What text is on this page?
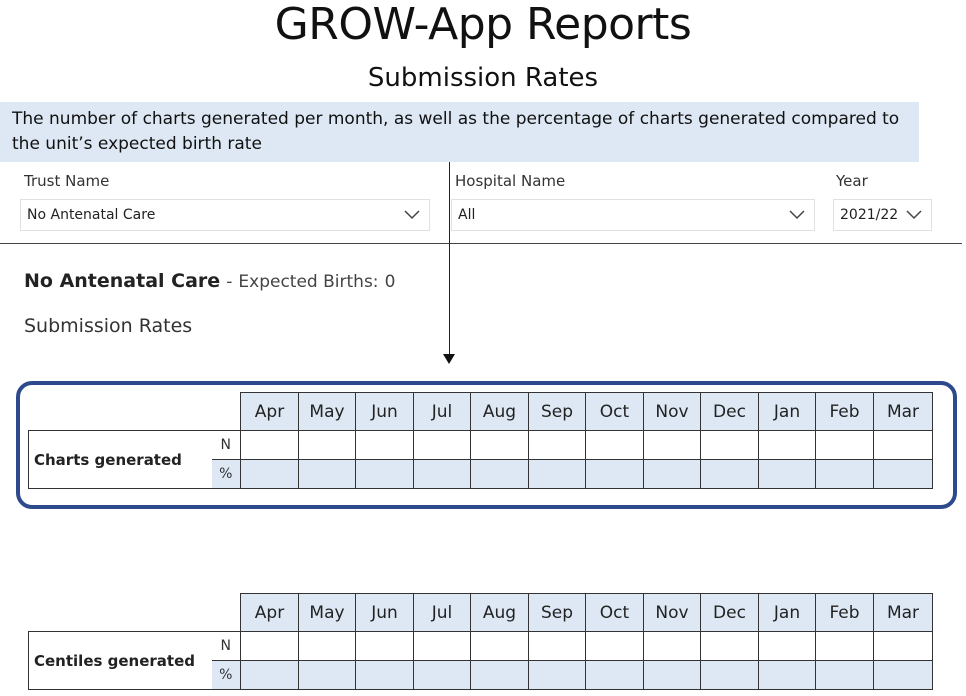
GROW-App Reports
Submission Rates
The number of charts generated per month, as well as the percentage of charts generated compared to the unit’s expected birth rate
Trust Name
No Antenatal Care
Hospital Name
All
Year
2021/22
No Antenatal Care - Expected Births: 0
Submission Rates
		Apr	May	Jun	Jul	Aug	Sep	Oct	Nov	Dec	Jan	Feb	Mar
Charts generated	N												
	%												
		Apr	May	Jun	Jul	Aug	Sep	Oct	Nov	Dec	Jan	Feb	Mar
Centiles generated	N												
	%												
